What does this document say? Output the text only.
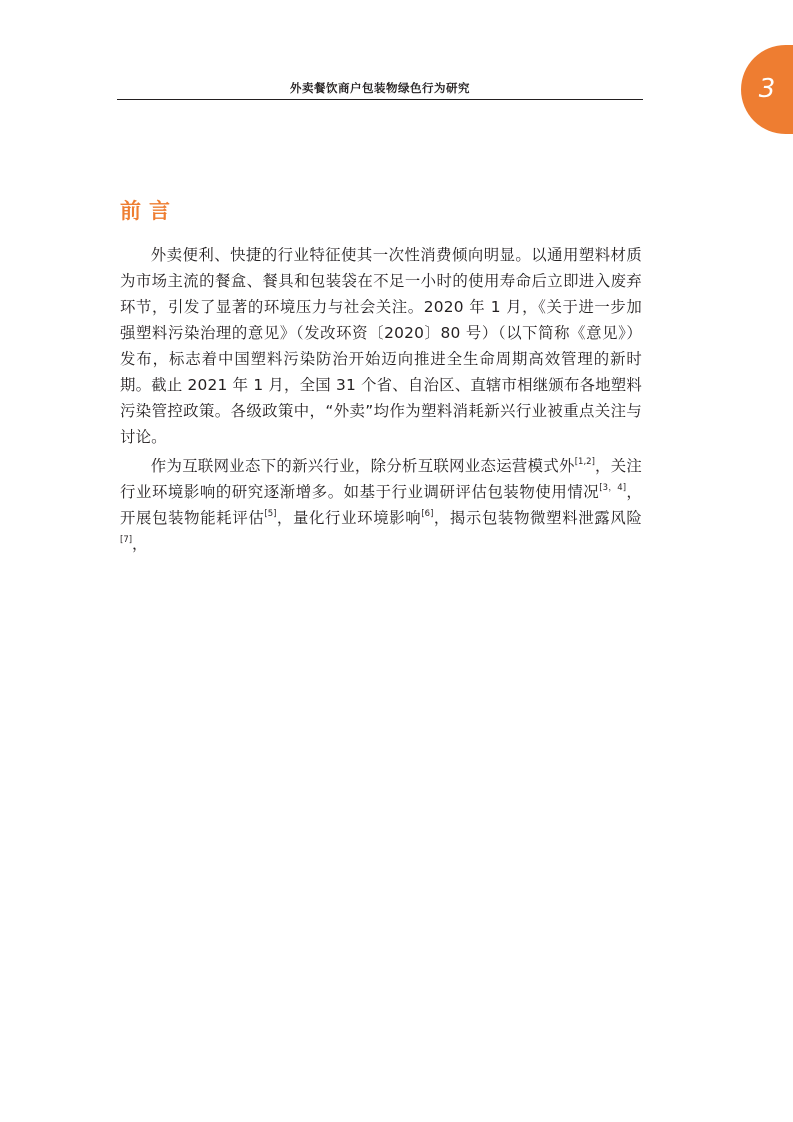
外卖餐饮商户包装物绿色行为研究	3
前言

外卖便利、快捷的行业特征使其一次性消费倾向明显。以通用塑料材质为市场主流的餐盒、餐具和包装袋在不足一小时的使用寿命后立即进入废弃环节，引发了显著的环境压力与社会关注。2020 年 1 月，《关于进一步加强塑料污染治理的意见》（发改环资〔2020〕80 号）（以下简称《意见》）发布，标志着中国塑料污染防治开始迈向推进全生命周期高效管理的新时期。截止 2021 年 1 月，全国 31 个省、自治区、直辖市相继颁布各地塑料污染管控政策。各级政策中，“外卖”均作为塑料消耗新兴行业被重点关注与讨论。

作为互联网业态下的新兴行业，除分析互联网业态运营模式外[1,2]，关注行业环境影响的研究逐渐增多。如基于行业调研评估包装物使用情况[3，4]，开展包装物能耗评估[5]，量化行业环境影响[6]，揭示包装物微塑料泄露风险[7]，
